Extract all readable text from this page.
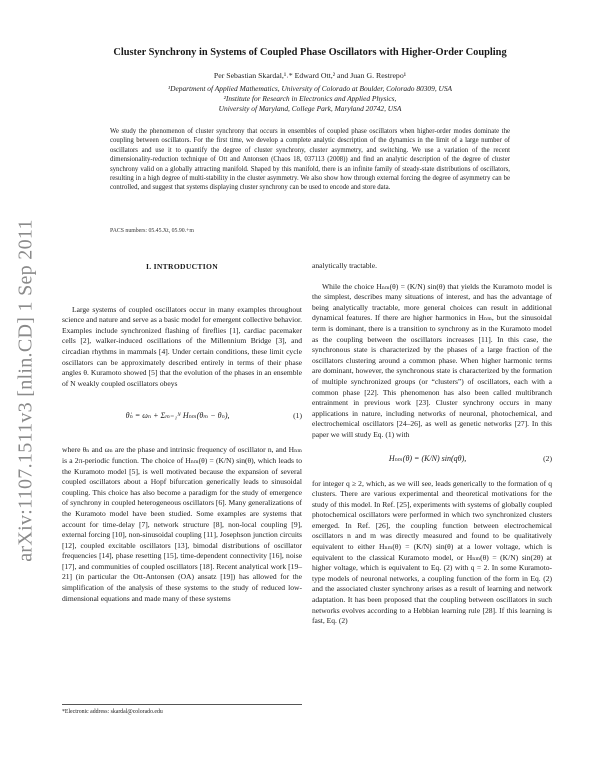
arXiv:1107.1511v3 [nlin.CD] 1 Sep 2011
Cluster Synchrony in Systems of Coupled Phase Oscillators with Higher-Order Coupling
Per Sebastian Skardal,¹˒* Edward Ott,² and Juan G. Restrepo¹
¹Department of Applied Mathematics, University of Colorado at Boulder, Colorado 80309, USA
²Institute for Research in Electronics and Applied Physics,
University of Maryland, College Park, Maryland 20742, USA
We study the phenomenon of cluster synchrony that occurs in ensembles of coupled phase oscillators when higher-order modes dominate the coupling between oscillators. For the first time, we develop a complete analytic description of the dynamics in the limit of a large number of oscillators and use it to quantify the degree of cluster synchrony, cluster asymmetry, and switching. We use a variation of the recent dimensionality-reduction technique of Ott and Antonsen (Chaos 18, 037113 (2008)) and find an analytic description of the degree of cluster synchrony valid on a globally attracting manifold. Shaped by this manifold, there is an infinite family of steady-state distributions of oscillators, resulting in a high degree of multi-stability in the cluster asymmetry. We also show how through external forcing the degree of asymmetry can be controlled, and suggest that systems displaying cluster synchrony can be used to encode and store data.
PACS numbers: 05.45.Xt, 05.90.+m
I. INTRODUCTION

Large systems of coupled oscillators occur in many examples throughout science and nature and serve as a basic model for emergent collective behavior. Examples include synchronized flashing of fireflies [1], cardiac pacemaker cells [2], walker-induced oscillations of the Millennium Bridge [3], and circadian rhythms in mammals [4]. Under certain conditions, these limit cycle oscillators can be approximately described entirely in terms of their phase angles θ. Kuramoto showed [5] that the evolution of the phases in an ensemble of N weakly coupled oscillators obeys

θ̇ₙ = ωₙ + Σₘ₌₁ᴺ Hₙₘ(θₘ − θₙ),	(1)

where θₙ and ωₙ are the phase and intrinsic frequency of oscillator n, and Hₙₘ is a 2π-periodic function. The choice of Hₙₘ(θ) = (K/N) sin(θ), which leads to the Kuramoto model [5], is well motivated because the expansion of several coupled oscillators about a Hopf bifurcation generically leads to sinusoidal coupling. This choice has also become a paradigm for the study of emergence of synchrony in coupled heterogeneous oscillators [6]. Many generalizations of the Kuramoto model have been studied. Some examples are systems that account for time-delay [7], network structure [8], non-local coupling [9], external forcing [10], non-sinusoidal coupling [11], Josephson junction circuits [12], coupled excitable oscillators [13], bimodal distributions of oscillator frequencies [14], phase resetting [15], time-dependent connectivity [16], noise [17], and communities of coupled oscillators [18]. Recent analytical work [19–21] (in particular the Ott-Antonsen (OA) ansatz [19]) has allowed for the simplification of the analysis of these systems to the study of reduced low-dimensional equations and made many of these systems

analytically tractable.

While the choice Hₙₘ(θ) = (K/N) sin(θ) that yields the Kuramoto model is the simplest, describes many situations of interest, and has the advantage of being analytically tractable, more general choices can result in additional dynamical features. If there are higher harmonics in Hₙₘ, but the sinusoidal term is dominant, there is a transition to synchrony as in the Kuramoto model as the coupling between the oscillators increases [11]. In this case, the synchronous state is characterized by the phases of a large fraction of the oscillators clustering around a common phase. When higher harmonic terms are dominant, however, the synchronous state is characterized by the formation of multiple synchronized groups (or “clusters”) of oscillators, each with a common phase [22]. This phenomenon has also been called multibranch entrainment in previous work [23]. Cluster synchrony occurs in many applications in nature, including networks of neuronal, photochemical, and electrochemical oscillators [24–26], as well as genetic networks [27]. In this paper we will study Eq. (1) with

Hₙₘ(θ) = (K/N) sin(qθ),	(2)

for integer q ≥ 2, which, as we will see, leads generically to the formation of q clusters. There are various experimental and theoretical motivations for the study of this model. In Ref. [25], experiments with systems of globally coupled photochemical oscillators were performed in which two synchronized clusters emerged. In Ref. [26], the coupling function between electrochemical oscillators n and m was directly measured and found to be qualitatively equivalent to either Hₙₘ(θ) = (K/N) sin(θ) at a lower voltage, which is equivalent to the classical Kuramoto model, or Hₙₘ(θ) = (K/N) sin(2θ) at higher voltage, which is equivalent to Eq. (2) with q = 2. In some Kuramoto-type models of neuronal networks, a coupling function of the form in Eq. (2) and the associated cluster synchrony arises as a result of learning and network adaptation. It has been proposed that the coupling between oscillators in such networks evolves according to a Hebbian learning rule [28]. If this learning is fast, Eq. (2)

*Electronic address: skardal@colorado.edu
